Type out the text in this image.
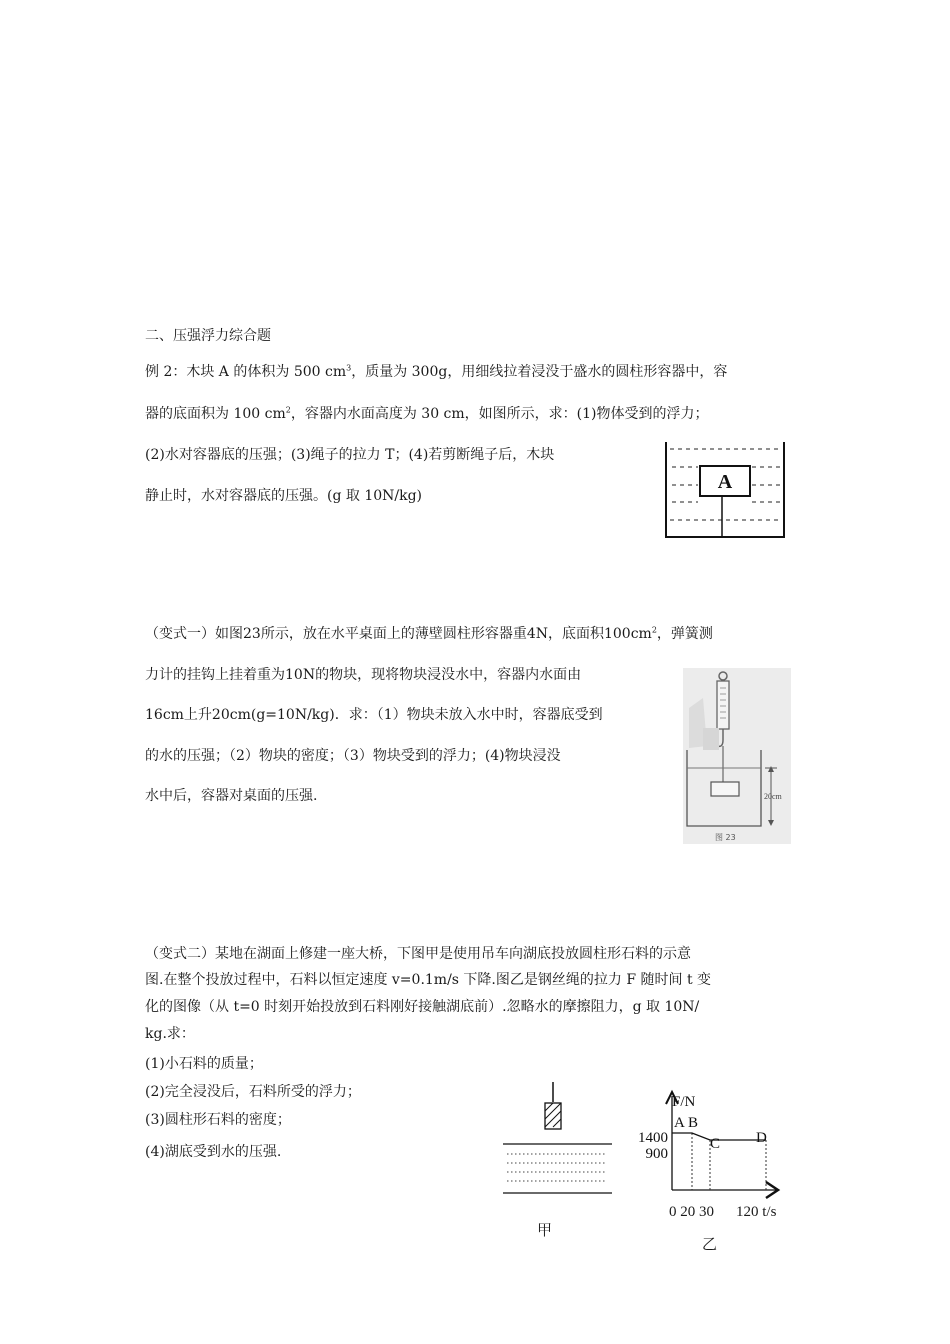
二、压强浮力综合题
例 2：木块 A 的体积为 500 $cm^3$，质量为 300g，用细线拉着浸没于盛水的圆柱形容器中，容
器的底面积为 100 $cm^2$，容器内水面高度为 30 cm，如图所示，求：(1)物体受到的浮力；
(2)水对容器底的压强；(3)绳子的拉力 T；(4)若剪断绳子后，木块
静止时，水对容器底的压强。(g 取 10N/kg)
A
（变式一）如图23所示，放在水平桌面上的薄壁圆柱形容器重4N，底面积$100cm^2$，弹簧测
力计的挂钩上挂着重为10N的物块，现将物块浸没水中，容器内水面由
16cm上升20cm(g=10N/kg)．求：（1）物块未放入水中时，容器底受到
的水的压强；（2）物块的密度；（3）物块受到的浮力；(4)物块浸没
水中后，容器对桌面的压强.	20cm
图 23
（变式二）某地在湖面上修建一座大桥，下图甲是使用吊车向湖底投放圆柱形石料的示意
图.在整个投放过程中，石料以恒定速度 v=0.1m/s 下降.图乙是钢丝绳的拉力 F 随时间 t 变
化的图像（从 t=0 时刻开始投放到石料刚好接触湖底前）.忽略水的摩擦阻力，g 取 10N/
kg.求：
(1)小石料的质量；
(2)完全浸没后，石料所受的浮力；
(3)圆柱形石料的密度；
(4)湖底受到水的压强.
甲
F/N
1400
900
A B
C D
0 20 30 120 t/s
乙
